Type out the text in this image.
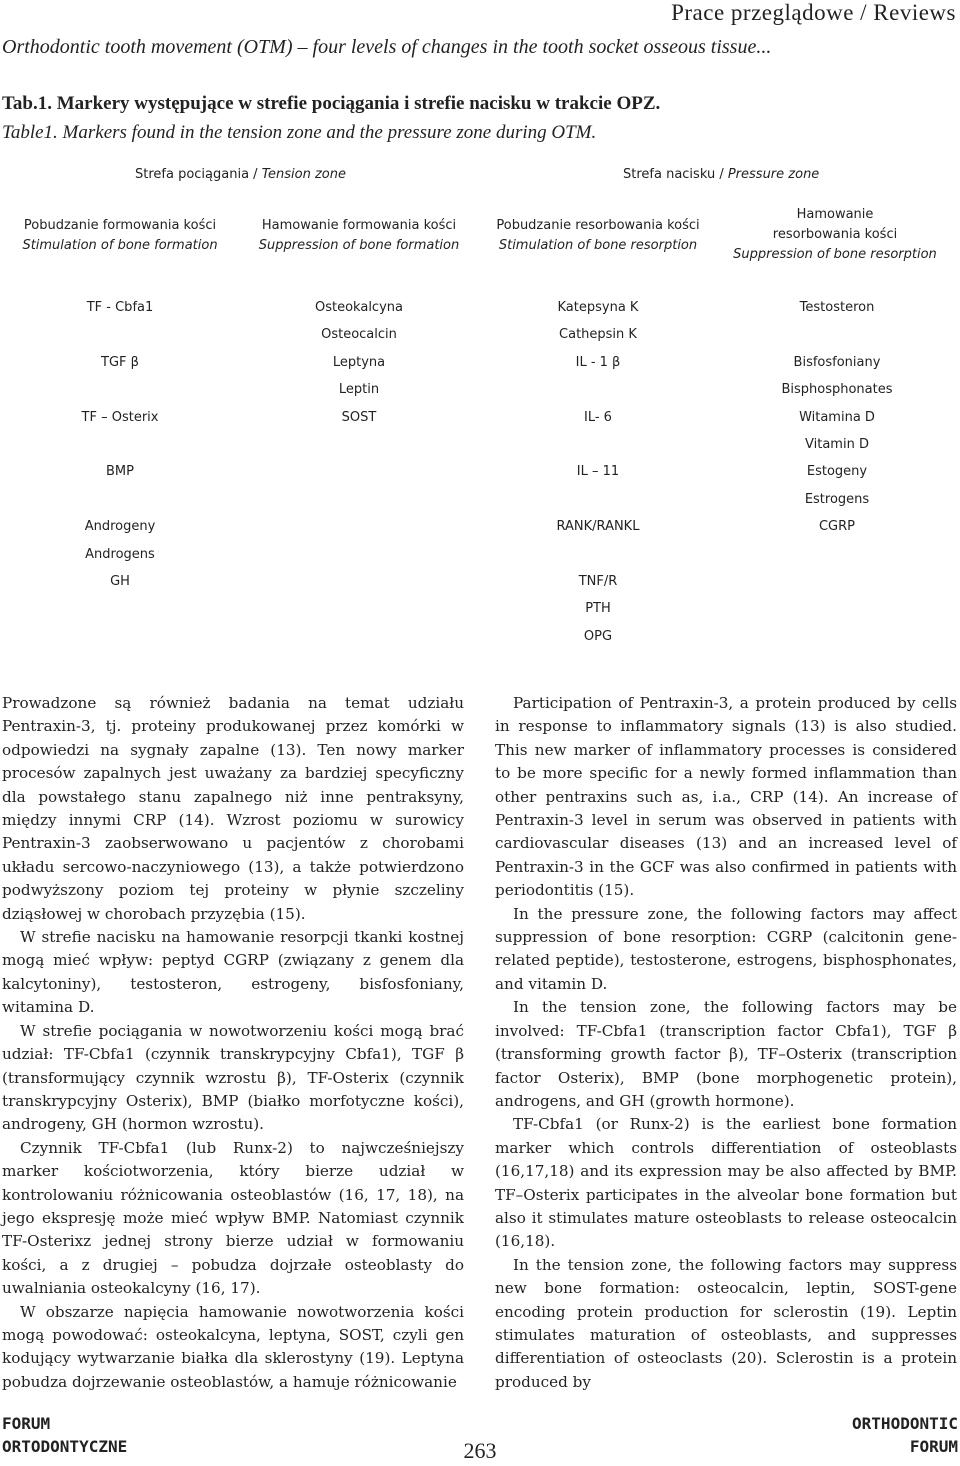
Prace przeglądowe / Reviews
Orthodontic tooth movement (OTM) – four levels of changes in the tooth socket osseous tissue...
Tab.1. Markery występujące w strefie pociągania i strefie nacisku w trakcie OPZ.
Table1. Markers found in the tension zone and the pressure zone during OTM.
Strefa pociągania / Tension zone	Strefa nacisku / Pressure zone
Pobudzanie formowania kości
Stimulation of bone formation
Hamowanie formowania kości
Suppression of bone formation
Pobudzanie resorbowania kości
Stimulation of bone resorption
Hamowanie resorbowania kości
Suppression of bone resorption
TF - Cbfa1
TGF β
TF – Osterix
BMP
Androgeny
Androgens
GH
Osteokalcyna
Osteocalcin
Leptyna
Leptin
SOST
Katepsyna K
Cathepsin K
IL - 1 β
IL- 6
IL – 11
RANK/RANKL
TNF/R
PTH
OPG
Testosteron
Bisfosfoniany
Bisphosphonates
Witamina D
Vitamin D
Estogeny
Estrogens
CGRP

Prowadzone są również badania na temat udziału Pentraxin-3, tj. proteiny produkowanej przez komórki w odpowiedzi na sygnały zapalne (13). Ten nowy marker procesów zapalnych jest uważany za bardziej specyficzny dla powstałego stanu zapalnego niż inne pentraksyny, między innymi CRP (14). Wzrost poziomu w surowicy Pentraxin-3 zaobserwowano u pacjentów z chorobami układu sercowo-naczyniowego (13), a także potwierdzono podwyższony poziom tej proteiny w płynie szczeliny dziąsłowej w chorobach przyzębia (15).

W strefie nacisku na hamowanie resorpcji tkanki kostnej mogą mieć wpływ: peptyd CGRP (związany z genem dla kalcytoniny), testosteron, estrogeny, bisfosfoniany, witamina D.

W strefie pociągania w nowotworzeniu kości mogą brać udział: TF-Cbfa1 (czynnik transkrypcyjny Cbfa1), TGF β (transformujący czynnik wzrostu β), TF-Osterix (czynnik transkrypcyjny Osterix), BMP (białko morfotyczne kości), androgeny, GH (hormon wzrostu).

Czynnik TF-Cbfa1 (lub Runx-2) to najwcześniejszy marker kościotworzenia, który bierze udział w kontrolowaniu różnicowania osteoblastów (16, 17, 18), na jego ekspresję może mieć wpływ BMP. Natomiast czynnik TF-Osterixz jednej strony bierze udział w formowaniu kości, a z drugiej – pobudza dojrzałe osteoblasty do uwalniania osteokalcyny (16, 17).

W obszarze napięcia hamowanie nowotworzenia kości mogą powodować: osteokalcyna, leptyna, SOST, czyli gen kodujący wytwarzanie białka dla sklerostyny (19). Leptyna pobudza dojrzewanie osteoblastów, a hamuje różnicowanie

Participation of Pentraxin-3, a protein produced by cells in response to inflammatory signals (13) is also studied. This new marker of inflammatory processes is considered to be more specific for a newly formed inflammation than other pentraxins such as, i.a., CRP (14). An increase of Pentraxin-3 level in serum was observed in patients with cardiovascular diseases (13) and an increased level of Pentraxin-3 in the GCF was also confirmed in patients with periodontitis (15).

In the pressure zone, the following factors may affect suppression of bone resorption: CGRP (calcitonin gene-related peptide), testosterone, estrogens, bisphosphonates, and vitamin D.

In the tension zone, the following factors may be involved: TF-Cbfa1 (transcription factor Cbfa1), TGF β (transforming growth factor β), TF–Osterix (transcription factor Osterix), BMP (bone morphogenetic protein), androgens, and GH (growth hormone).

TF-Cbfa1 (or Runx-2) is the earliest bone formation marker which controls differentiation of osteoblasts (16,17,18) and its expression may be also affected by BMP. TF–Osterix participates in the alveolar bone formation but also it stimulates mature osteoblasts to release osteocalcin (16,18).

In the tension zone, the following factors may suppress new bone formation: osteocalcin, leptin, SOST-gene encoding protein production for sclerostin (19). Leptin stimulates maturation of osteoblasts, and suppresses differentiation of osteoclasts (20). Sclerostin is a protein produced by

FORUM
ORTODONTYCZNE	263
ORTHODONTIC
FORUM
